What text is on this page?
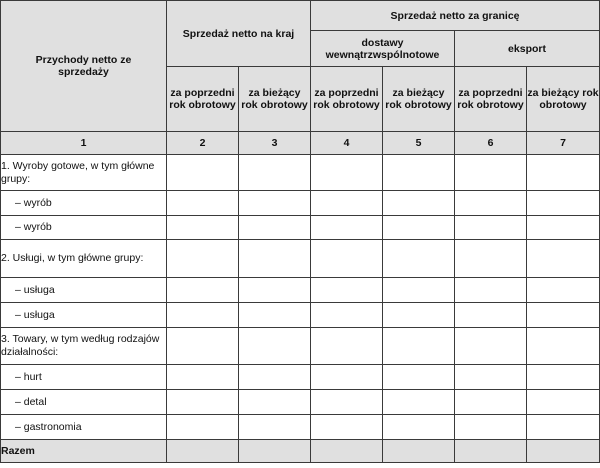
Przychody netto ze sprzedaży	Sprzedaż netto na kraj		Sprzedaż netto za granicę			
			dostawy wewnątrzwspólnotowe		eksport	
	za poprzedni rok obrotowy	za bieżący rok obrotowy	za poprzedni rok obrotowy	za bieżący rok obrotowy	za poprzedni rok obrotowy	za bieżący rok obrotowy
1	2	3	4	5	6	7
1. Wyroby gotowe, w tym główne grupy:						
– wyrób						
– wyrób						
2. Usługi, w tym główne grupy:						
– usługa						
– usługa						
3. Towary, w tym według rodzajów działalności:						
– hurt						
– detal						
– gastronomia						
Razem						
